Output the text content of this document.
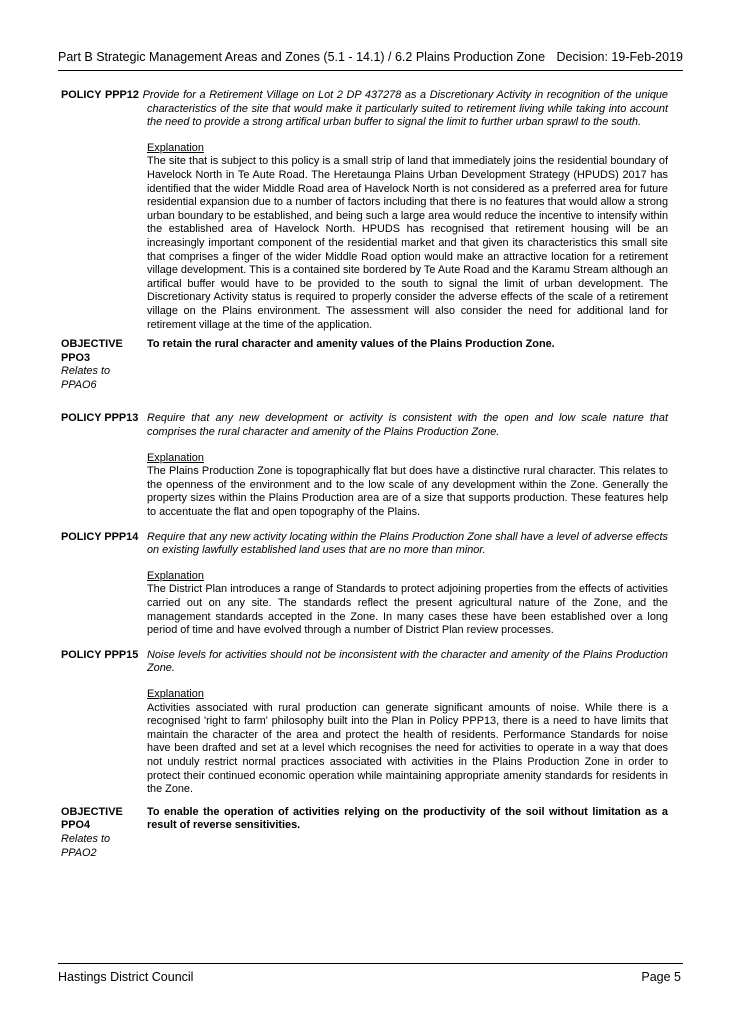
Part B Strategic Management Areas and Zones (5.1 - 14.1) / 6.2 Plains Production Zone Decision: 19-Feb-2019
POLICY PPP12 Provide for a Retirement Village on Lot 2 DP 437278 as a Discretionary Activity in recognition of the unique characteristics of the site that would make it particularly suited to retirement living while taking into account the need to provide a strong artifical urban buffer to signal the limit to further urban sprawl to the south.
Explanation
The site that is subject to this policy is a small strip of land that immediately joins the residential boundary of Havelock North in Te Aute Road. The Heretaunga Plains Urban Development Strategy (HPUDS) 2017 has identified that the wider Middle Road area of Havelock North is not considered as a preferred area for future residential expansion due to a number of factors including that there is no features that would allow a strong urban boundary to be established, and being such a large area would reduce the incentive to intensify within the established area of Havelock North. HPUDS has recognised that retirement housing will be an increasingly important component of the residential market and that given its characteristics this small site that comprises a finger of the wider Middle Road option would make an attractive location for a retirement village development. This is a contained site bordered by Te Aute Road and the Karamu Stream although an artifical buffer would have to be provided to the south to signal the limit of urban development. The Discretionary Activity status is required to properly consider the adverse effects of the scale of a retirement village on the Plains environment. The assessment will also consider the need for additional land for retirement village at the time of the application.
OBJECTIVE
PPO3
Relates to
PPAO6
To retain the rural character and amenity values of the Plains Production Zone.
POLICY PPP13 Require that any new development or activity is consistent with the open and low scale nature that comprises the rural character and amenity of the Plains Production Zone.
Explanation
The Plains Production Zone is topographically flat but does have a distinctive rural character. This relates to the openness of the environment and to the low scale of any development within the Zone. Generally the property sizes within the Plains Production area are of a size that supports production. These features help to accentuate the flat and open topography of the Plains.
POLICY PPP14 Require that any new activity locating within the Plains Production Zone shall have a level of adverse effects on existing lawfully established land uses that are no more than minor.
Explanation
The District Plan introduces a range of Standards to protect adjoining properties from the effects of activities carried out on any site. The standards reflect the present agricultural nature of the Zone, and the management standards accepted in the Zone. In many cases these have been established over a long period of time and have evolved through a number of District Plan review processes.
POLICY PPP15 Noise levels for activities should not be inconsistent with the character and amenity of the Plains Production Zone.
Explanation
Activities associated with rural production can generate significant amounts of noise. While there is a recognised 'right to farm' philosophy built into the Plan in Policy PPP13, there is a need to have limits that maintain the character of the area and protect the health of residents. Performance Standards for noise have been drafted and set at a level which recognises the need for activities to operate in a way that does not unduly restrict normal practices associated with activities in the Plains Production Zone in order to protect their continued economic operation while maintaining appropriate amenity standards for residents in the Zone.
OBJECTIVE
PPO4
Relates to
PPAO2
To enable the operation of activities relying on the productivity of the soil without limitation as a result of reverse sensitivities.
Hastings District Council	Page 5
